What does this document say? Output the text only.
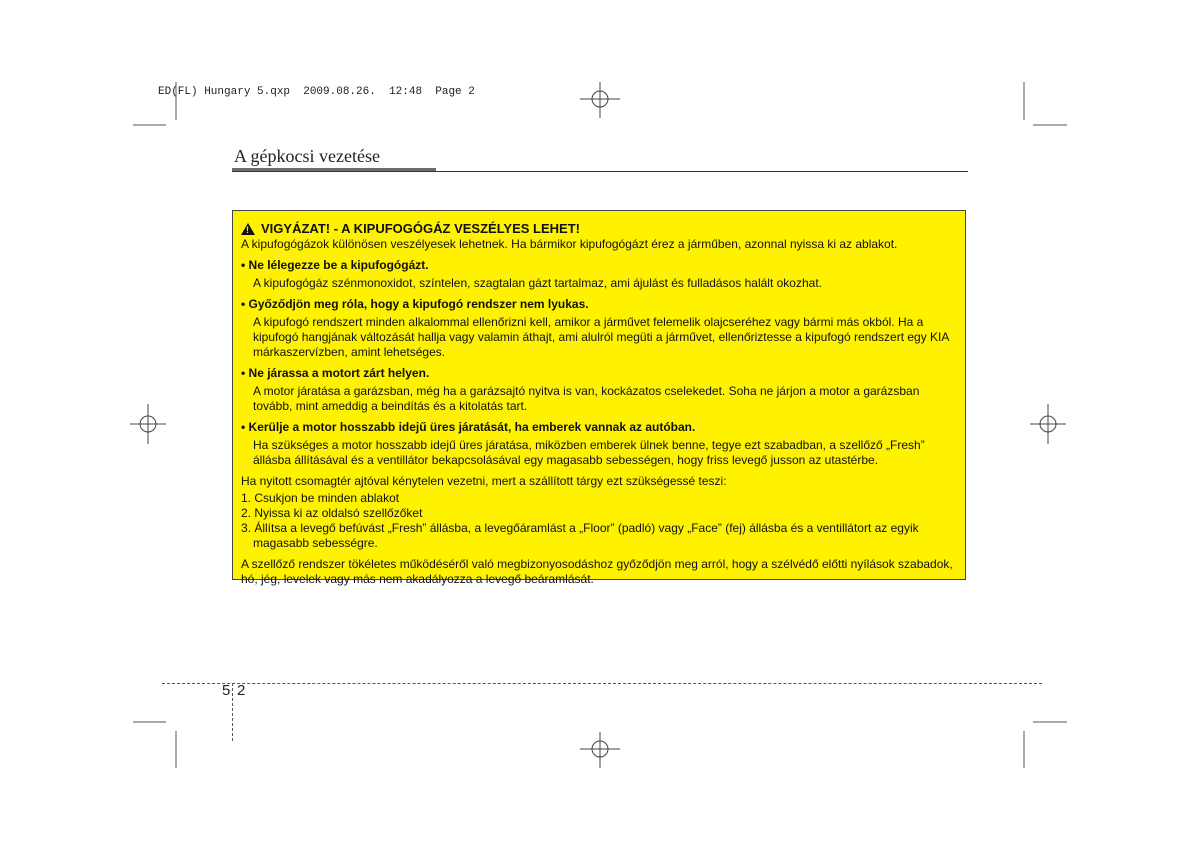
ED(FL) Hungary 5.qxp  2009.08.26.  12:48  Page 2
A gépkocsi vezetése
!
VIGYÁZAT! - A KIPUFOGÓGÁZ VESZÉLYES LEHET!

A kipufogógázok különösen veszélyesek lehetnek. Ha bármikor kipufogógázt érez a járműben, azonnal nyissa ki az ablakot.

• Ne lélegezze be a kipufogógázt.

A kipufogógáz szénmonoxidot, színtelen, szagtalan gázt tartalmaz, ami ájulást és fulladásos halált okozhat.

• Győződjön meg róla, hogy a kipufogó rendszer nem lyukas.

A kipufogó rendszert minden alkalommal ellenőrizni kell, amikor a járművet felemelik olajcseréhez vagy bármi más okból. Ha a kipufogó hangjának változását hallja vagy valamin áthajt, ami alulról megüti a járművet, ellenőriztesse a kipufogó rendszert egy KIA márkaszervízben, amint lehetséges.

• Ne járassa a motort zárt helyen.

A motor járatása a garázsban, még ha a garázsajtó nyitva is van, kockázatos cselekedet. Soha ne járjon a motor a garázsban tovább, mint ameddig a beindítás és a kitolatás tart.

• Kerülje a motor hosszabb idejű üres járatását, ha emberek vannak az autóban.

Ha szükséges a motor hosszabb idejű üres járatása, miközben emberek ülnek benne, tegye ezt szabadban, a szellőző „Fresh” állásba állításával és a ventillátor bekapcsolásával egy magasabb sebességen, hogy friss levegő jusson az utastérbe.

Ha nyitott csomagtér ajtóval kénytelen vezetni, mert a szállított tárgy ezt szükségessé teszi:

1. Csukjon be minden ablakot

2. Nyissa ki az oldalsó szellőzőket

3. Állítsa a levegő befúvást „Fresh” állásba, a levegőáramlást a „Floor” (padló) vagy „Face” (fej) állásba és a ventillátort az egyik magasabb sebességre.

A szellőző rendszer tökéletes működéséről való megbizonyosodáshoz győződjön meg arról, hogy a szélvédő előtti nyílások szabadok, hó, jég, levelek vagy más nem akadályozza a levegő beáramlását.

5 2
